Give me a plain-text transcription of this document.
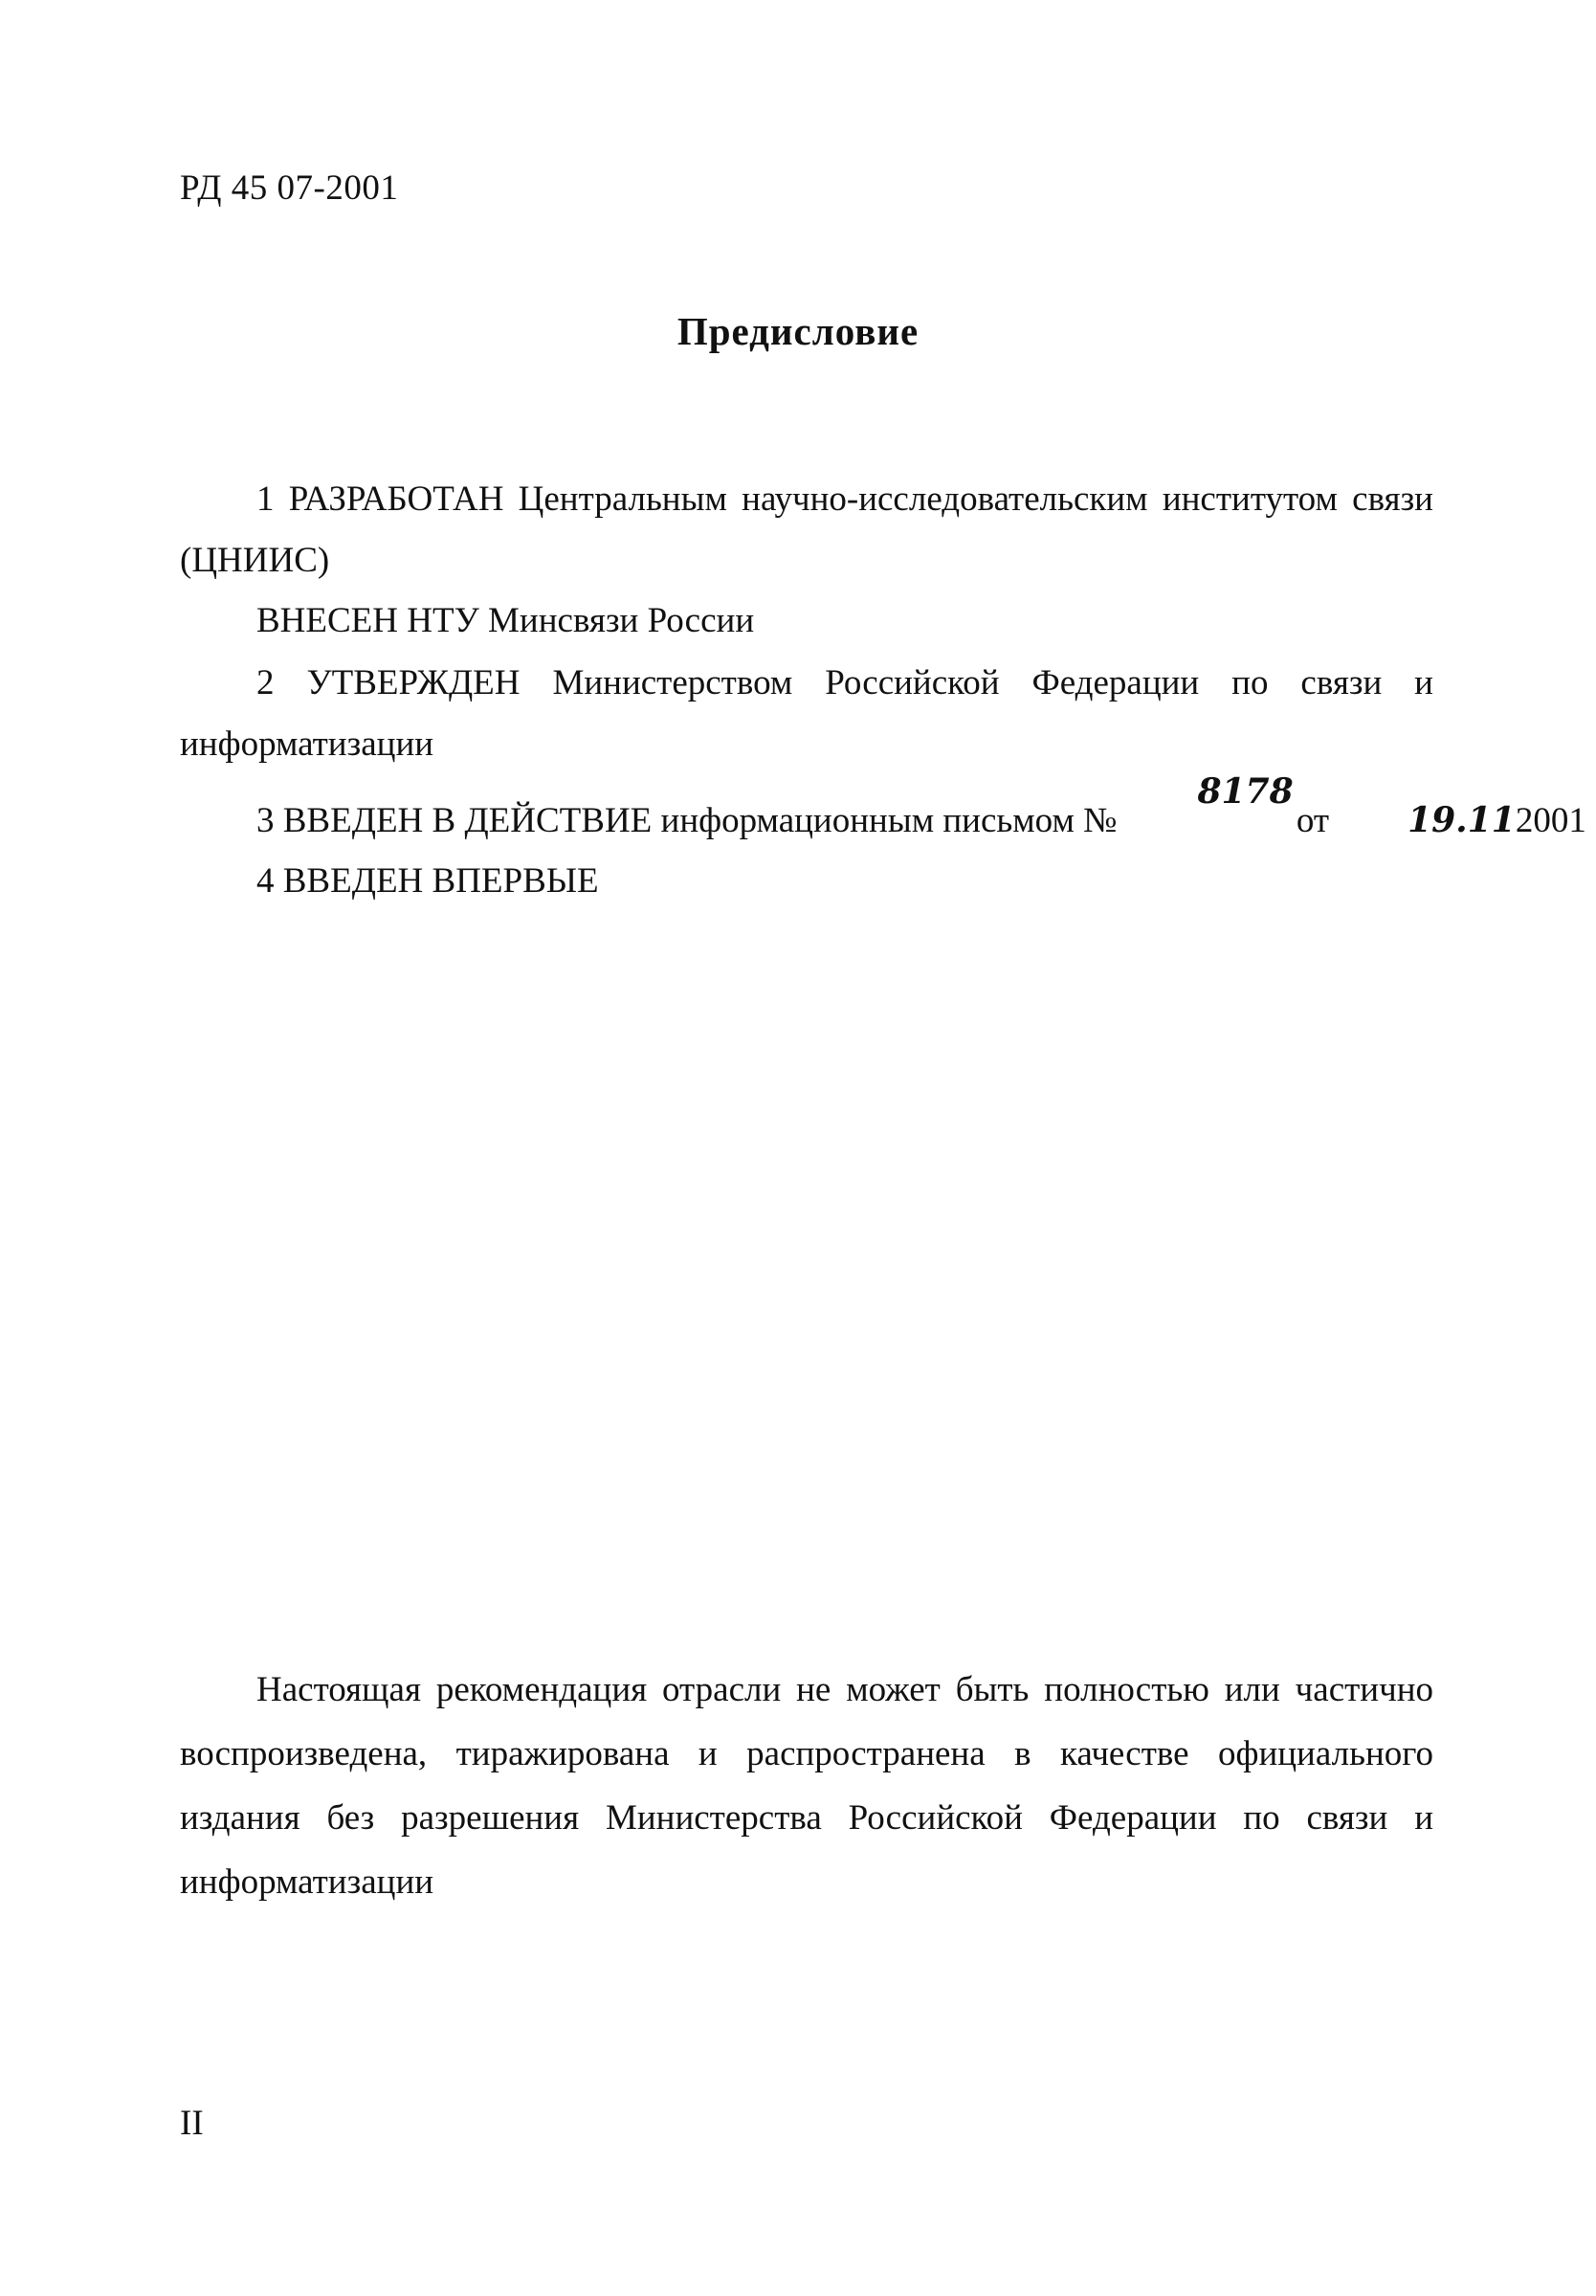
РД 45 07-2001
Предисловие

1 РАЗРАБОТАН Центральным научно-исследовательским институтом связи (ЦНИИС)

ВНЕСЕН НТУ Минсвязи России

2 УТВЕРЖДЕН Министерством Российской Федерации по связи и информатизации

3 ВВЕДЕН В ДЕЙСТВИЕ информационным письмом №8178 от 19.112001

4 ВВЕДЕН ВПЕРВЫЕ

Настоящая рекомендация отрасли не может быть полностью или частично воспроизведена, тиражирована и распространена в качестве официального издания без разрешения Министерства Российской Федерации по связи и информатизации

II
